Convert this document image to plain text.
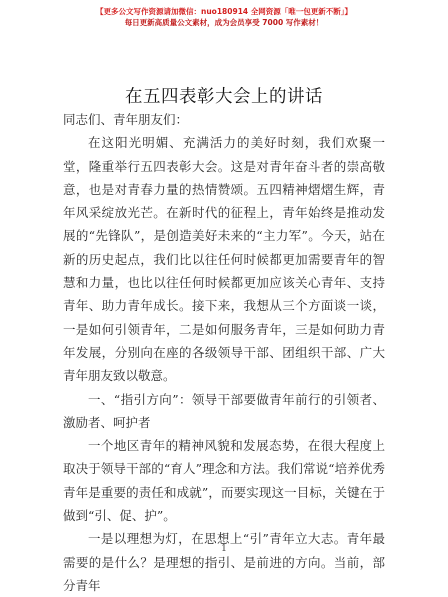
【更多公文写作资源请加微信：nuo180914 全网资源「唯一包更新不断」】
每日更新高质量公文素材，成为会员享受 7000 写作素材！
在五四表彰大会上的讲话

同志们、青年朋友们：

在这阳光明媚、充满活力的美好时刻，我们欢聚一堂，隆重举行五四表彰大会。这是对青年奋斗者的崇高敬意，也是对青春力量的热情赞颂。五四精神熠熠生辉，青年风采绽放光芒。在新时代的征程上，青年始终是推动发展的“先锋队”，是创造美好未来的“主力军”。今天，站在新的历史起点，我们比以往任何时候都更加需要青年的智慧和力量，也比以往任何时候都更加应该关心青年、支持青年、助力青年成长。接下来，我想从三个方面谈一谈，一是如何引领青年，二是如何服务青年，三是如何助力青年发展，分别向在座的各级领导干部、团组织干部、广大青年朋友致以敬意。

一、“指引方向”：领导干部要做青年前行的引领者、激励者、呵护者

一个地区青年的精神风貌和发展态势，在很大程度上取决于领导干部的“育人”理念和方法。我们常说“培养优秀青年是重要的责任和成就”，而要实现这一目标，关键在于做到“引、促、护”。

一是以理想为灯，在思想上“引”青年立大志。青年最需要的是什么？是理想的指引、是前进的方向。当前，部分青年

1
